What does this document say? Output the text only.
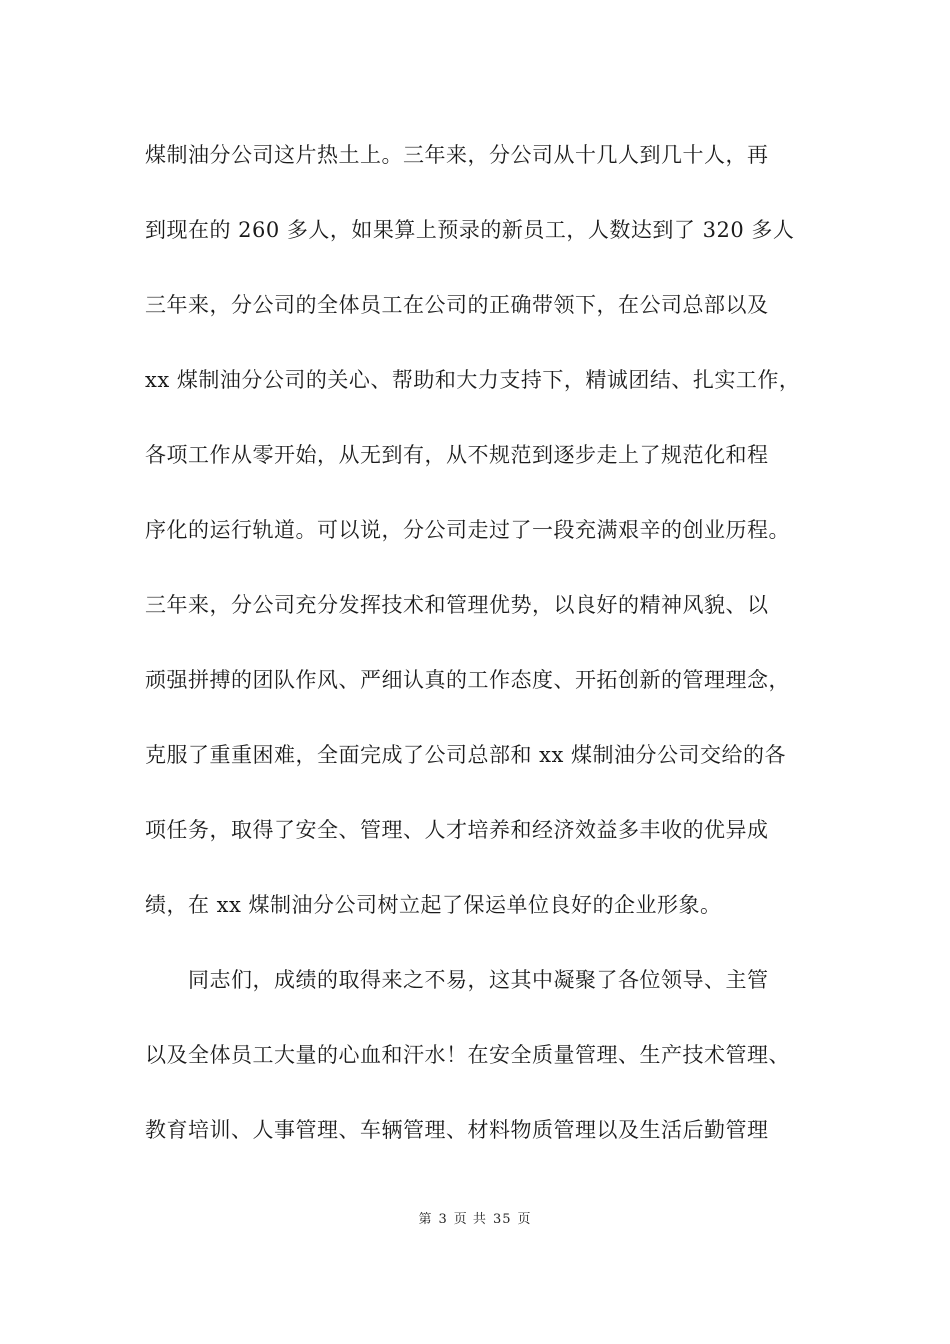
煤制油分公司这片热土上。三年来，分公司从十几人到几十人，再
到现在的 260 多人，如果算上预录的新员工，人数达到了 320 多人
三年来，分公司的全体员工在公司的正确带领下，在公司总部以及
xx 煤制油分公司的关心、帮助和大力支持下，精诚团结、扎实工作，
各项工作从零开始，从无到有，从不规范到逐步走上了规范化和程
序化的运行轨道。可以说，分公司走过了一段充满艰辛的创业历程。
三年来，分公司充分发挥技术和管理优势，以良好的精神风貌、以
顽强拼搏的团队作风、严细认真的工作态度、开拓创新的管理理念，
克服了重重困难，全面完成了公司总部和 xx 煤制油分公司交给的各
项任务，取得了安全、管理、人才培养和经济效益多丰收的优异成
绩，在 xx 煤制油分公司树立起了保运单位良好的企业形象。
　　同志们，成绩的取得来之不易，这其中凝聚了各位领导、主管
以及全体员工大量的心血和汗水！在安全质量管理、生产技术管理、
教育培训、人事管理、车辆管理、材料物质管理以及生活后勤管理
第 3 页 共 35 页
